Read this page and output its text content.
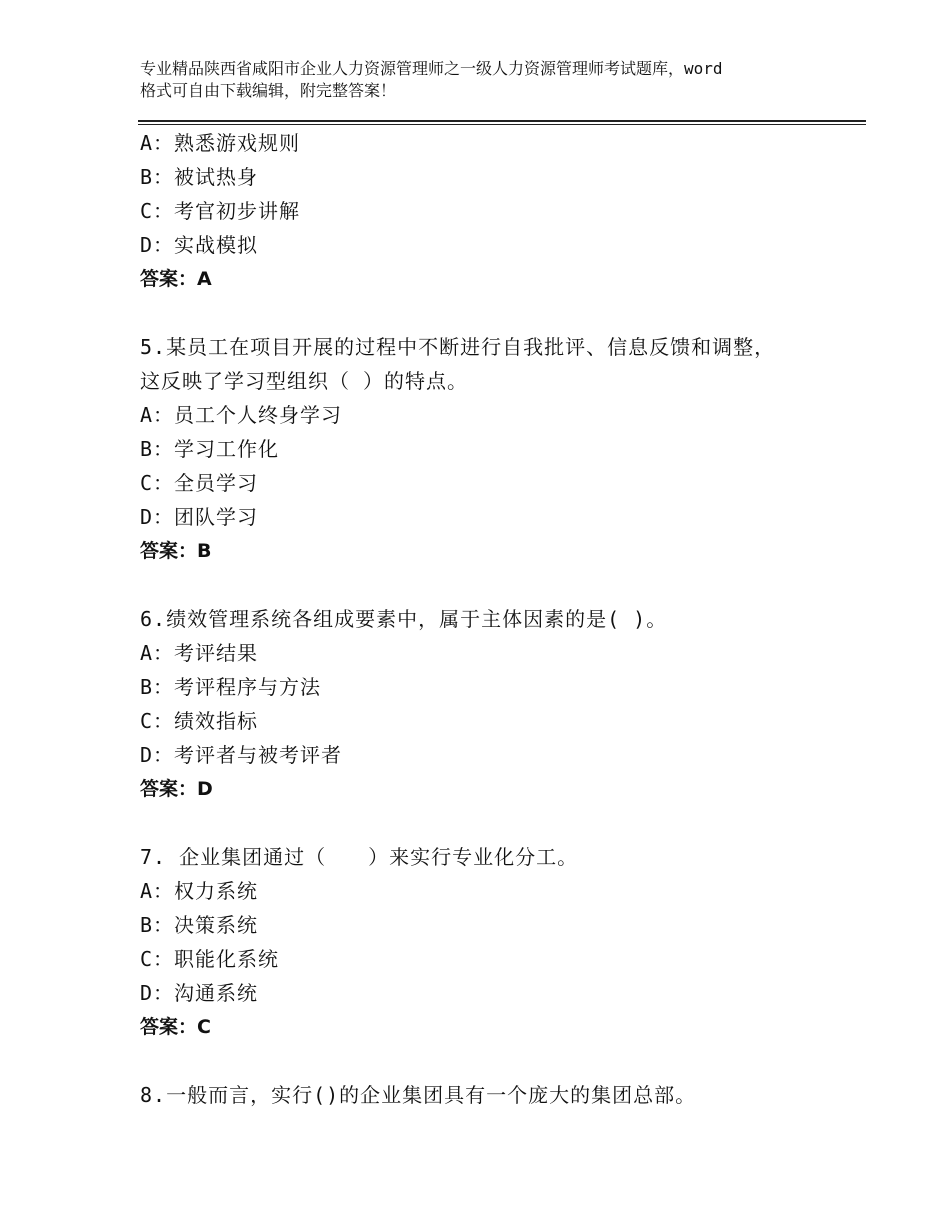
专业精品陕西省咸阳市企业人力资源管理师之一级人力资源管理师考试题库，word
格式可自由下载编辑，附完整答案！
A：熟悉游戏规则
B：被试热身
C：考官初步讲解
D：实战模拟
答案：A
5.某员工在项目开展的过程中不断进行自我批评、信息反馈和调整，
这反映了学习型组织（ ）的特点。
A：员工个人终身学习
B：学习工作化
C：全员学习
D：团队学习
答案：B
6.绩效管理系统各组成要素中，属于主体因素的是( )。
A：考评结果
B：考评程序与方法
C：绩效指标
D：考评者与被考评者
答案：D
7. 企业集团通过（　　）来实行专业化分工。
A：权力系统
B：决策系统
C：职能化系统
D：沟通系统
答案：C
8.一般而言，实行()的企业集团具有一个庞大的集团总部。
